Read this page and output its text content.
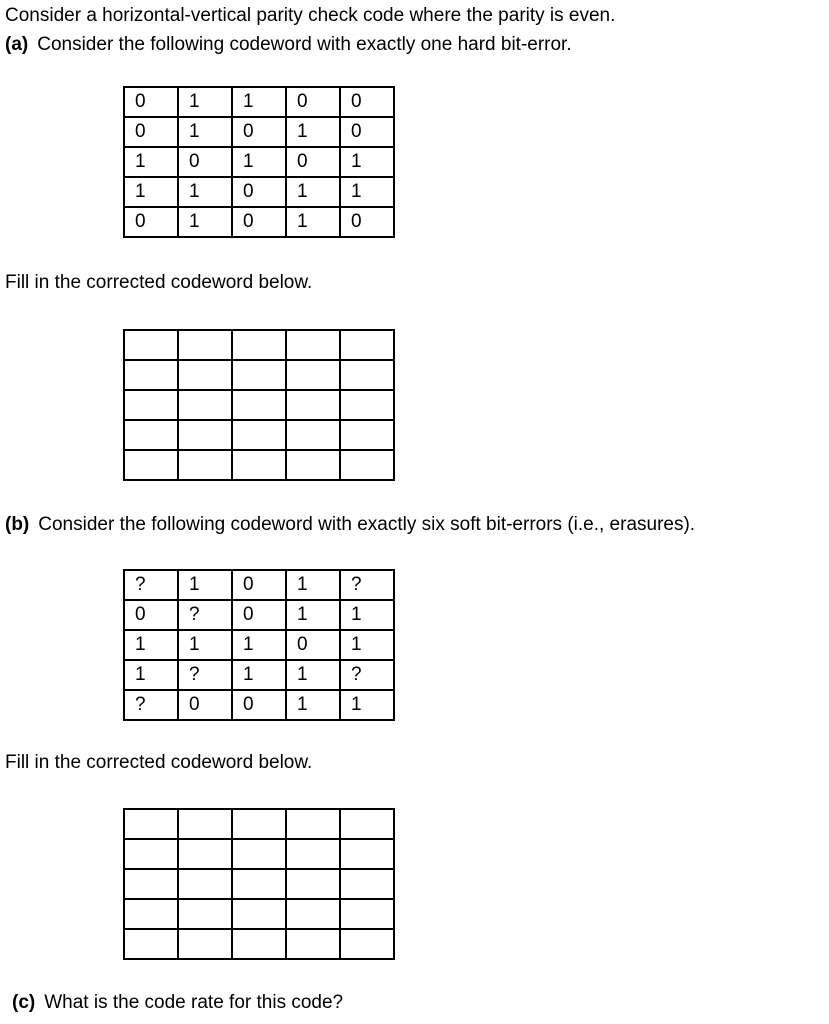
Consider a horizontal-vertical parity check code where the parity is even.
(a) Consider the following codeword with exactly one hard bit-error.
0	1	1	0	0
0	1	0	1	0
1	0	1	0	1
1	1	0	1	1
0	1	0	1	0
Fill in the corrected codeword below.

(b) Consider the following codeword with exactly six soft bit-errors (i.e., erasures).
?	1	0	1	?
0	?	0	1	1
1	1	1	0	1
1	?	1	1	?
?	0	0	1	1
Fill in the corrected codeword below.

(c) What is the code rate for this code?
